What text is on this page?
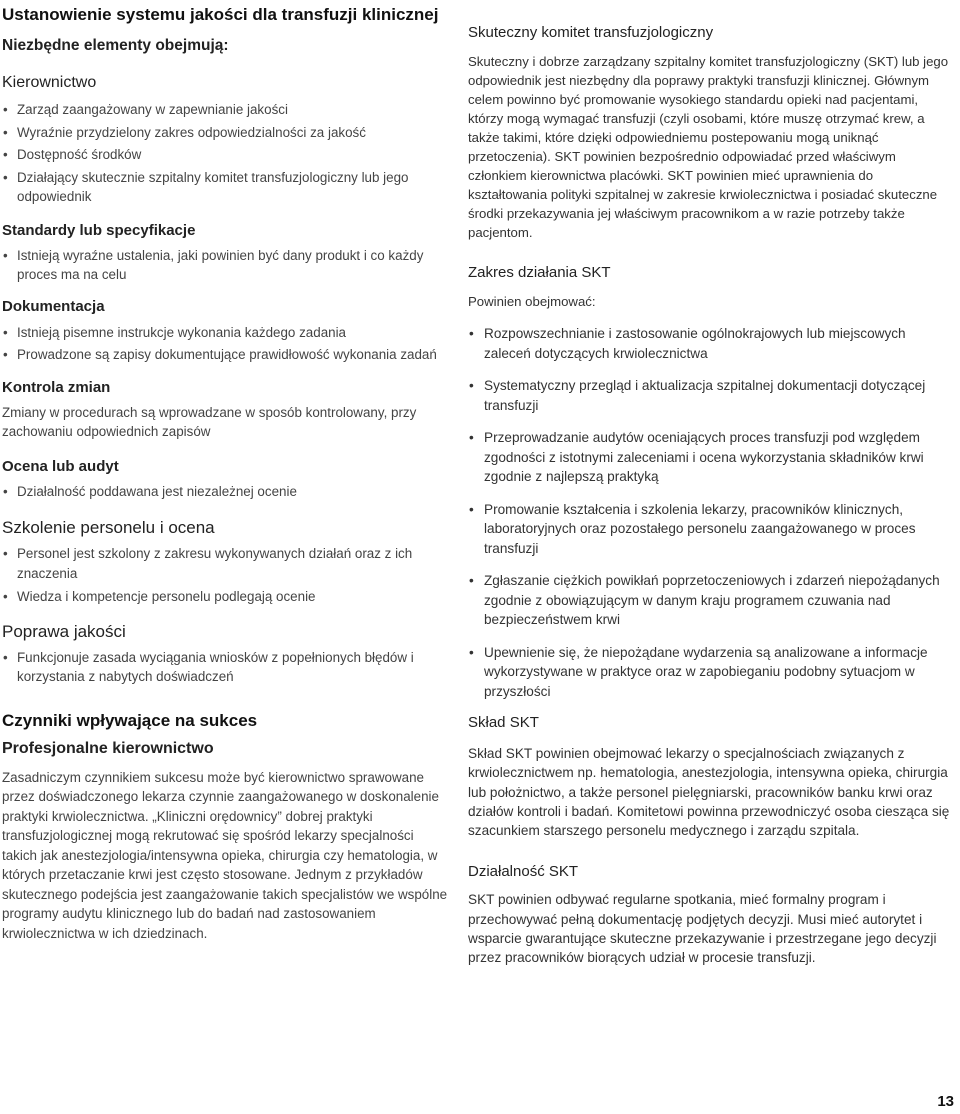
Ustanowienie systemu jakości dla transfuzji klinicznej
Niezbędne elementy obejmują:
Kierownictwo
• Zarząd zaangażowany w zapewnianie jakości
• Wyraźnie przydzielony zakres odpowiedzialności za jakość
• Dostępność środków
• Działający skutecznie szpitalny komitet transfuzjologiczny lub jego odpowiednik
Standardy lub specyfikacje
• Istnieją wyraźne ustalenia, jaki powinien być dany produkt i co każdy proces ma na celu
Dokumentacja
• Istnieją pisemne instrukcje wykonania każdego zadania
• Prowadzone są zapisy dokumentujące prawidłowość wykonania zadań
Kontrola zmian

Zmiany w procedurach są wprowadzane w sposób kontrolowany, przy zachowaniu odpowiednich zapisów

Ocena lub audyt
• Działalność poddawana jest niezależnej ocenie
Szkolenie personelu i ocena
• Personel jest szkolony z zakresu wykonywanych działań oraz z ich znaczenia
• Wiedza i kompetencje personelu podlegają ocenie
Poprawa jakości
• Funkcjonuje zasada wyciągania wniosków z popełnionych błędów i korzystania z nabytych doświadczeń
Czynniki wpływające na sukces
Profesjonalne kierownictwo

Zasadniczym czynnikiem sukcesu może być kierownictwo sprawowane przez doświadczonego lekarza czynnie zaangażowanego w doskonalenie praktyki krwiolecznictwa. „Kliniczni orędownicy” dobrej praktyki transfuzjologicznej mogą rekrutować się spośród lekarzy specjalności takich jak anestezjologia/intensywna opieka, chirurgia czy hematologia, w których przetaczanie krwi jest często stosowane. Jednym z przykładów skutecznego podejścia jest zaangażowanie takich specjalistów we wspólne programy audytu klinicznego lub do badań nad zastosowaniem krwiolecznictwa w ich dziedzinach.

Skuteczny komitet transfuzjologiczny

Skuteczny i dobrze zarządzany szpitalny komitet transfuzjologiczny (SKT) lub jego odpowiednik jest niezbędny dla poprawy praktyki transfuzji klinicznej. Głównym celem powinno być promowanie wysokiego standardu opieki nad pacjentami, którzy mogą wymagać transfuzji (czyli osobami, które muszę otrzymać krew, a także takimi, które dzięki odpowiedniemu postepowaniu mogą uniknąć przetoczenia). SKT powinien bezpośrednio odpowiadać przed właściwym członkiem kierownictwa placówki. SKT powinien mieć uprawnienia do kształtowania polityki szpitalnej w zakresie krwiolecznictwa i posiadać skuteczne środki przekazywania jej właściwym pracownikom a w razie potrzeby także pacjentom.

Zakres działania SKT

Powinien obejmować:

• Rozpowszechnianie i zastosowanie ogólnokrajowych lub miejscowych zaleceń dotyczących krwiolecznictwa
• Systematyczny przegląd i aktualizacja szpitalnej dokumentacji dotyczącej transfuzji
• Przeprowadzanie audytów oceniających proces transfuzji pod względem zgodności z istotnymi zaleceniami i ocena wykorzystania składników krwi zgodnie z najlepszą praktyką
• Promowanie kształcenia i szkolenia lekarzy, pracowników klinicznych, laboratoryjnych oraz pozostałego personelu zaangażowanego w proces transfuzji
• Zgłaszanie ciężkich powikłań poprzetoczeniowych i zdarzeń niepożądanych zgodnie z obowiązującym w danym kraju programem czuwania nad bezpieczeństwem krwi
• Upewnienie się, że niepożądane wydarzenia są analizowane a informacje wykorzystywane w praktyce oraz w zapobieganiu podobny sytuacjom w przyszłości
Skład SKT

Skład SKT powinien obejmować lekarzy o specjalnościach związanych z krwiolecznictwem np. hematologia, anestezjologia, intensywna opieka, chirurgia lub położnictwo, a także personel pielęgniarski, pracowników banku krwi oraz działów kontroli i badań. Komitetowi powinna przewodniczyć osoba ciesząca się szacunkiem starszego personelu medycznego i zarządu szpitala.

Działalność SKT

SKT powinien odbywać regularne spotkania, mieć formalny program i przechowywać pełną dokumentację podjętych decyzji. Musi mieć autorytet i wsparcie gwarantujące skuteczne przekazywanie i przestrzegane jego decyzji przez pracowników biorących udział w procesie transfuzji.

13
